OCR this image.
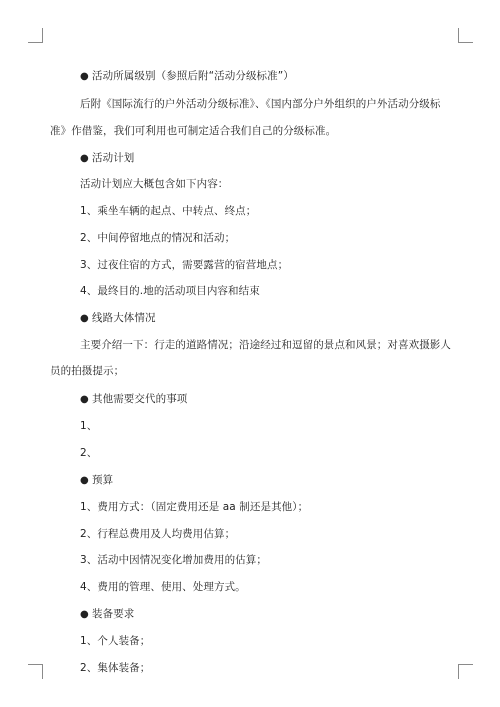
● 活动所属级别（参照后附“活动分级标准”）
后附《国际流行的户外活动分级标准》、《国内部分户外组织的户外活动分级标
准》作借鉴，我们可利用也可制定适合我们自己的分级标准。
● 活动计划
活动计划应大概包含如下内容：
1、乘坐车辆的起点、中转点、终点；
2、中间停留地点的情况和活动；
3、过夜住宿的方式，需要露营的宿营地点；
4、最终目的.地的活动项目内容和结束
● 线路大体情况
主要介绍一下：行走的道路情况；沿途经过和逗留的景点和风景；对喜欢摄影人
员的拍摄提示；
● 其他需要交代的事项
1、
2、
● 预算
1、费用方式：（固定费用还是 aa 制还是其他）；
2、行程总费用及人均费用估算；
3、活动中因情况变化增加费用的估算；
4、费用的管理、使用、处理方式。
● 装备要求
1、个人装备；
2、集体装备；
